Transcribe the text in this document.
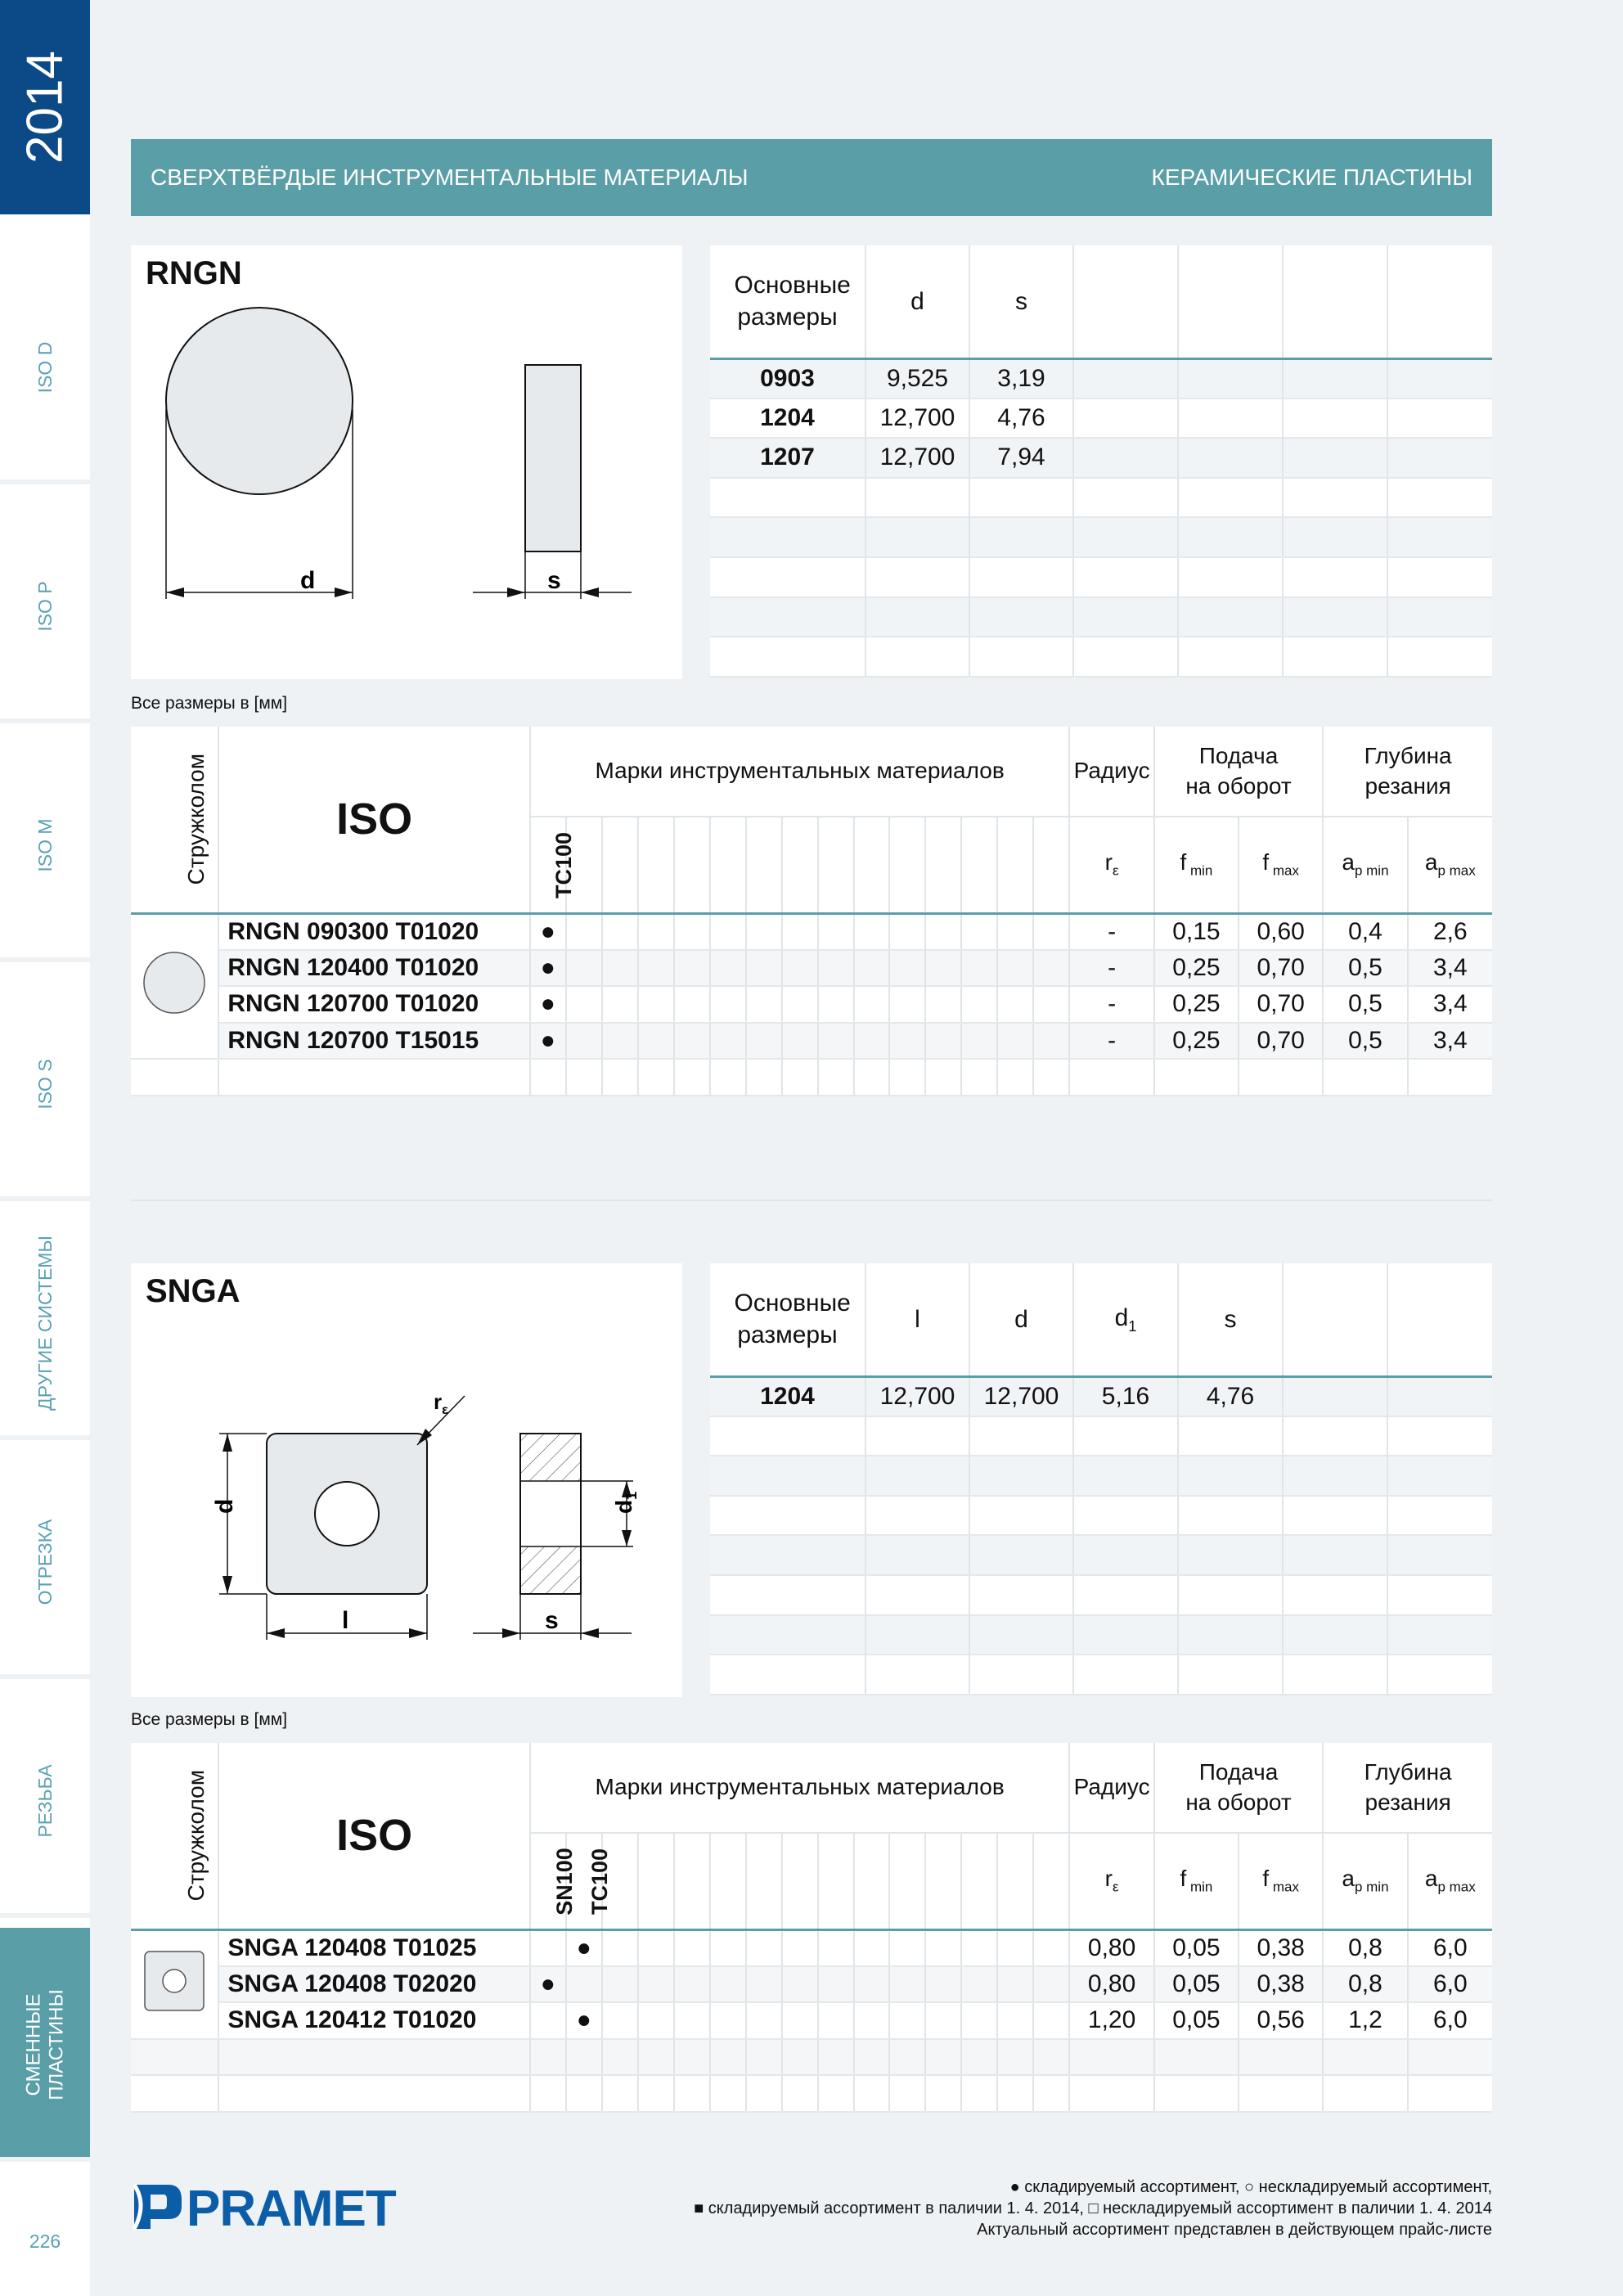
2014
ISO D
ISO P
ISO M
ISO S
ДРУГИЕ СИСТЕМЫ
ОТРЕЗКА
РЕЗЬБА
СМЕННЫЕ ПЛАСТИНЫ
226
СВЕРХТВЁРДЫЕ ИНСТРУМЕНТАЛЬНЫЕ МАТЕРИАЛЫ	КЕРАМИЧЕСКИЕ ПЛАСТИНЫ
RNGN
d	s
Основные размеры	d	s				
0903	9,525	3,19				
1204	12,700	4,76				
1207	12,700	7,94				

Все размеры в [мм]
Стружколом	ISO	Марки инструментальных материалов															Радиус	Подача на оборот		Глубина резания	
		TC100															$r_\varepsilon$	f $_{min}$	f $_{max}$	$a_{p min}$	$a_{p max}$
	RNGN 090300 T01020	●															-	0,15	0,60	0,4	2,6
	RNGN 120400 T01020	●															-	0,25	0,70	0,5	3,4
	RNGN 120700 T01020	●															-	0,25	0,70	0,5	3,4
	RNGN 120700 T15015	●															-	0,25	0,70	0,5	3,4

SNGA
d
l
$r_\varepsilon$
$d_1$
s
Основные размеры	l	d	$d_1$	s		
1204	12,700	12,700	5,16	4,76		

Все размеры в [мм]
Стружколом	ISO	Марки инструментальных материалов															Радиус	Подача на оборот		Глубина резания	
		SN100	TC100														$r_\varepsilon$	f $_{min}$	f $_{max}$	$a_{p min}$	$a_{p max}$
	SNGA 120408 T01025		●														0,80	0,05	0,38	0,8	6,0
	SNGA 120408 T02020	●															0,80	0,05	0,38	0,8	6,0
	SNGA 120412 T01020		●														1,20	0,05	0,56	1,2	6,0

PRAMET	● складируемый ассортимент, ○ нескладируемый ассортимент,
■ складируемый ассортимент в паличии 1. 4. 2014, □ нескладируемый ассортимент в паличии 1. 4. 2014
Актуальный ассортимент представлен в действующем прайс-листе
